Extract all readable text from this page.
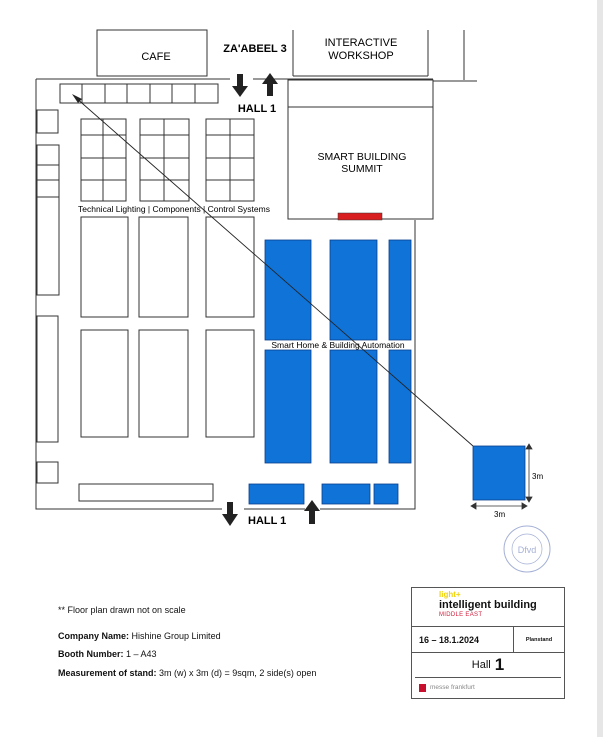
CAFE
ZA'ABEEL 3	INTERACTIVE
WORKSHOP
HALL 1
SMART BUILDING
SUMMIT
Technical Lighting | Components | Control Systems
Smart Home & Building Automation
3m
3m
HALL 1
Dfvd
** Floor plan drawn not on scale
Company Name: Hishine Group Limited
Booth Number: 1 – A43
Measurement of stand: 3m (w) x 3m (d) = 9sqm, 2 side(s) open
light+
intelligent building
MIDDLE EAST
16 – 18.1.2024	Planstand
Hall 1
messe frankfurt
